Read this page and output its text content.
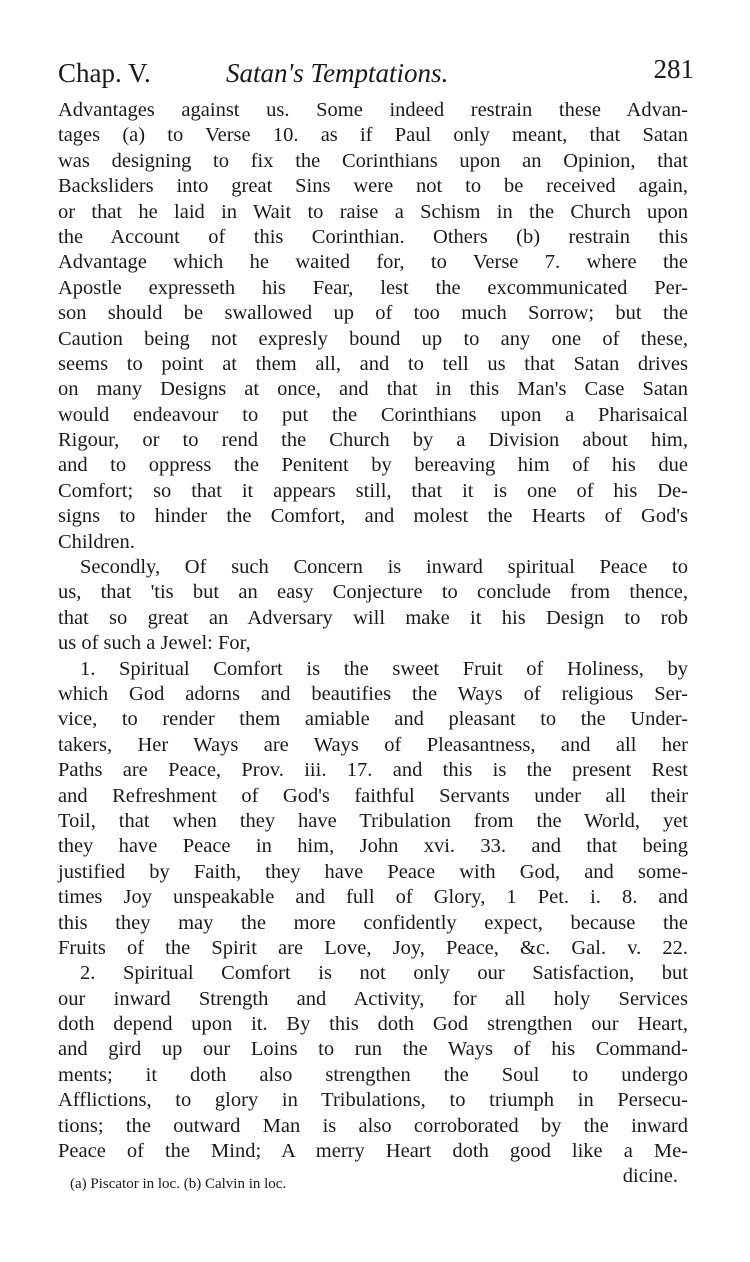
Chap. V.	Satan's Temptations.	281
Advantages against us. Some indeed restrain these Advan-
tages (a) to Verse 10. as if Paul only meant, that Satan
was designing to fix the Corinthians upon an Opinion, that
Backsliders into great Sins were not to be received again,
or that he laid in Wait to raise a Schism in the Church upon
the Account of this Corinthian. Others (b) restrain this
Advantage which he waited for, to Verse 7. where the
Apostle expresseth his Fear, lest the excommunicated Per-
son should be swallowed up of too much Sorrow; but the
Caution being not expresly bound up to any one of these,
seems to point at them all, and to tell us that Satan drives
on many Designs at once, and that in this Man's Case Satan
would endeavour to put the Corinthians upon a Pharisaical
Rigour, or to rend the Church by a Division about him,
and to oppress the Penitent by bereaving him of his due
Comfort; so that it appears still, that it is one of his De-
signs to hinder the Comfort, and molest the Hearts of God's
Children.
Secondly, Of such Concern is inward spiritual Peace to
us, that 'tis but an easy Conjecture to conclude from thence,
that so great an Adversary will make it his Design to rob
us of such a Jewel: For,
1. Spiritual Comfort is the sweet Fruit of Holiness, by
which God adorns and beautifies the Ways of religious Ser-
vice, to render them amiable and pleasant to the Under-
takers, Her Ways are Ways of Pleasantness, and all her
Paths are Peace, Prov. iii. 17. and this is the present Rest
and Refreshment of God's faithful Servants under all their
Toil, that when they have Tribulation from the World, yet
they have Peace in him, John xvi. 33. and that being
justified by Faith, they have Peace with God, and some-
times Joy unspeakable and full of Glory, 1 Pet. i. 8. and
this they may the more confidently expect, because the
Fruits of the Spirit are Love, Joy, Peace, &c. Gal. v. 22.
2. Spiritual Comfort is not only our Satisfaction, but
our inward Strength and Activity, for all holy Services
doth depend upon it. By this doth God strengthen our Heart,
and gird up our Loins to run the Ways of his Command-
ments; it doth also strengthen the Soul to undergo
Afflictions, to glory in Tribulations, to triumph in Persecu-
tions; the outward Man is also corroborated by the inward
Peace of the Mind; A merry Heart doth good like a Me-
dicine.
(a) Piscator in loc. (b) Calvin in loc.
